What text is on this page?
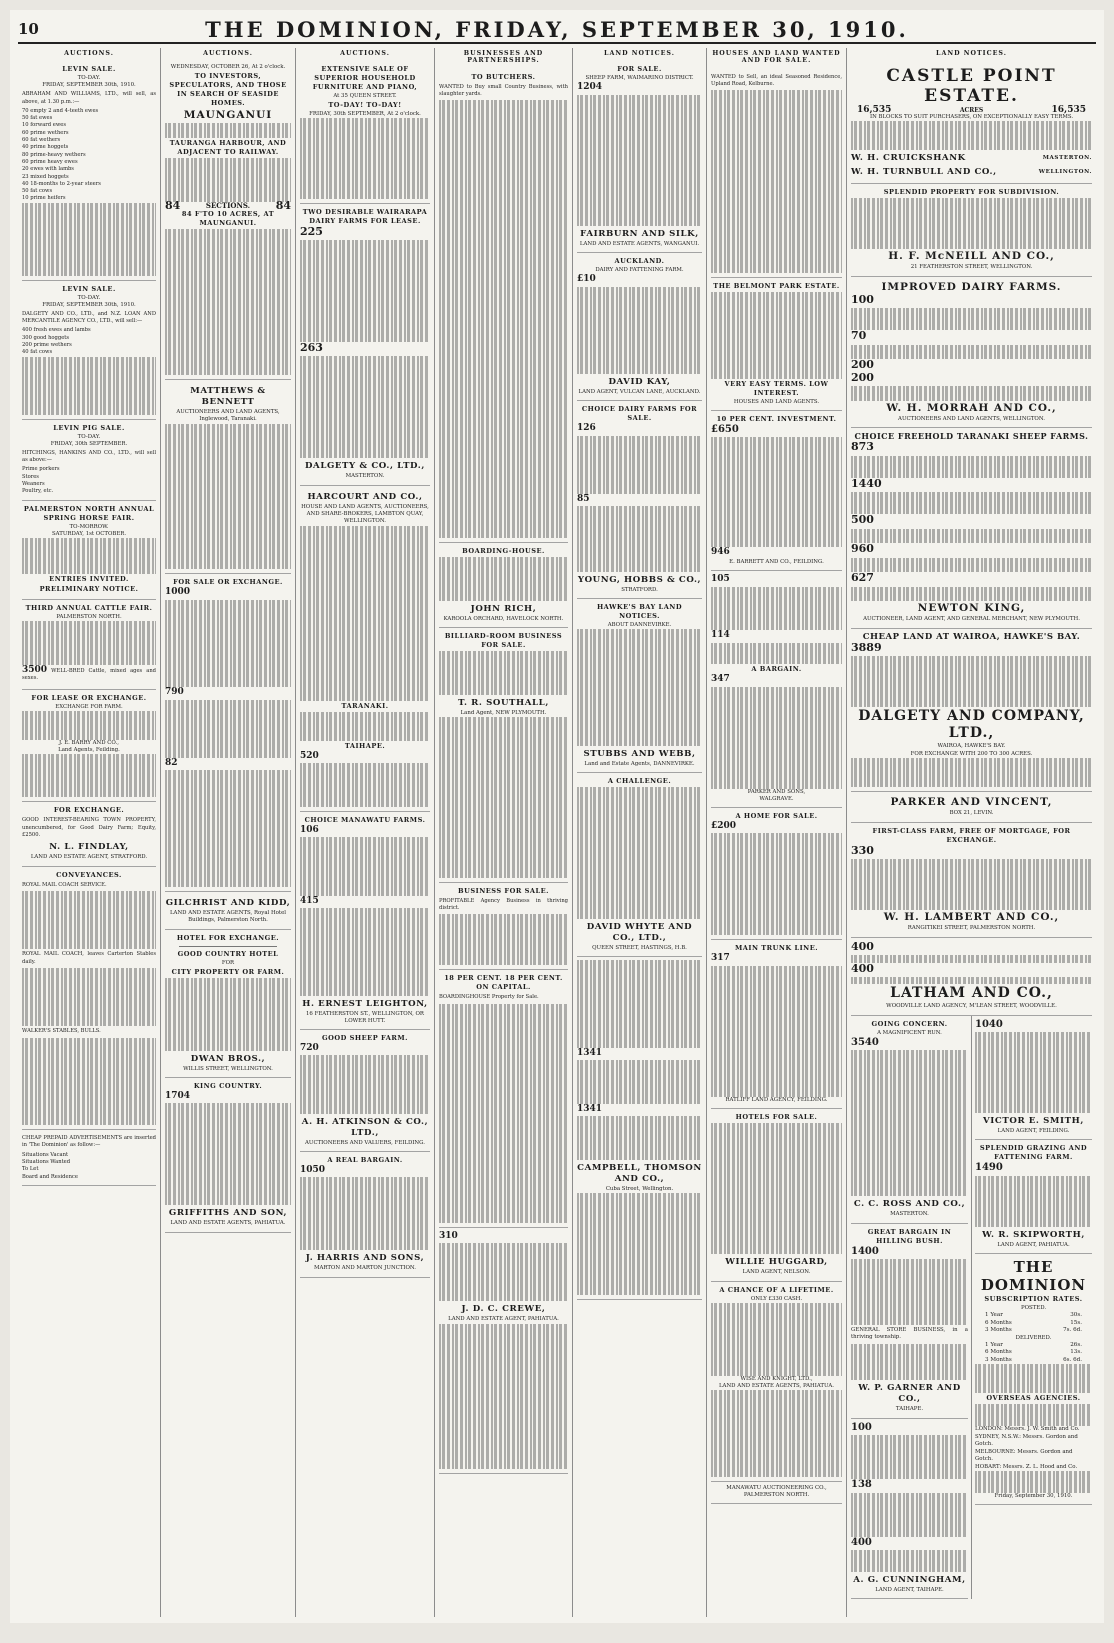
10	THE DOMINION, FRIDAY, SEPTEMBER 30, 1910.
AUCTIONS.
LEVIN SALE.
TO-DAY.
FRIDAY, SEPTEMBER 30th, 1910.

ABRAHAM AND WILLIAMS, LTD., will sell, as above, at 1.30 p.m.:—

70 empty 2 and 4-teeth ewes
50 fat ewes
10 forward ewes
60 prime wethers
60 fat wethers
40 prime hoggets
80 prime-heavy wethers
60 prime heavy ewes
20 ewes with lambs
23 mixed hoggets
40 18-months to 2-year steers
50 fat cows
10 prime heifers
LEVIN SALE.
TO-DAY.
FRIDAY, SEPTEMBER 30th, 1910.

DALGETY AND CO., LTD., and N.Z. LOAN AND MERCANTILE AGENCY CO., LTD., will sell:—

400 fresh ewes and lambs
300 good hoggets
200 prime wethers
40 fat cows
LEVIN PIG SALE.
TO-DAY.
FRIDAY, 30th SEPTEMBER.

HITCHINGS, HANKINS AND CO., LTD., will sell as above:—

Prime porkers
Stores
Weaners
Poultry, etc.
PALMERSTON NORTH ANNUAL SPRING HORSE FAIR.
TO-MORROW.
SATURDAY, 1st OCTOBER.
ENTRIES INVITED.
PRELIMINARY NOTICE.
THIRD ANNUAL CATTLE FAIR.
PALMERSTON NORTH.

3500 WELL-BRED Cattle, mixed ages and sexes.

FOR LEASE OR EXCHANGE.
EXCHANGE FOR FARM.
J. E. BARRY AND CO.,
Land Agents, Feilding.
FOR EXCHANGE.

GOOD INTEREST-BEARING TOWN PROPERTY, unencumbered, for Good Dairy Farm; Equity, £2500.

N. L. FINDLAY,
LAND AND ESTATE AGENT, STRATFORD.
CONVEYANCES.

ROYAL MAIL COACH SERVICE.

ROYAL MAIL COACH, leaves Carterton Stables daily.

WALKER'S STABLES, BULLS.

CHEAP PREPAID ADVERTISEMENTS are inserted in 'The Dominion' as follow:—

Situations Vacant
Situations Wanted
To Let
Board and Residence
AUCTIONS.
WEDNESDAY, OCTOBER 26, At 2 o'clock.
TO INVESTORS, SPECULATORS, AND THOSE IN SEARCH OF SEASIDE HOMES.
MAUNGANUI
TAURANGA HARBOUR, AND ADJACENT TO RAILWAY.
84	SECTIONS. 84
84 F'TO 10 ACRES, AT MAUNGANUI.
MATTHEWS & BENNETT
AUCTIONEERS AND LAND AGENTS, Inglewood, Taranaki.
FOR SALE OR EXCHANGE.

1000

790

82

GILCHRIST AND KIDD,
LAND AND ESTATE AGENTS, Royal Hotel Buildings, Palmerston North.
HOTEL FOR EXCHANGE.
GOOD COUNTRY HOTEL
FOR
CITY PROPERTY OR FARM.
DWAN BROS.,
WILLIS STREET, WELLINGTON.
KING COUNTRY.

1704

GRIFFITHS AND SON,
LAND AND ESTATE AGENTS, PAHIATUA.
AUCTIONS.
EXTENSIVE SALE OF SUPERIOR HOUSEHOLD FURNITURE AND PIANO,
At 35 QUEEN STREET.
TO-DAY! TO-DAY!
FRIDAY, 30th SEPTEMBER, At 2 o'clock.
TWO DESIRABLE WAIRARAPA DAIRY FARMS FOR LEASE.

225

263

DALGETY & CO., LTD.,
MASTERTON.
HARCOURT AND CO.,
HOUSE AND LAND AGENTS, AUCTIONEERS, AND SHARE-BROKERS, LAMBTON QUAY, WELLINGTON.
TARANAKI.
TAIHAPE.

520

CHOICE MANAWATU FARMS.

106

415

H. ERNEST LEIGHTON,
16 FEATHERSTON ST., WELLINGTON, OR LOWER HUTT.
GOOD SHEEP FARM.

720

A. H. ATKINSON & CO., LTD.,
AUCTIONEERS AND VALUERS, FEILDING.
A REAL BARGAIN.

1050

J. HARRIS AND SONS,
MARTON AND MARTON JUNCTION.
BUSINESSES AND PARTNERSHIPS.
TO BUTCHERS.

WANTED to Buy small Country Business, with slaughter yards.

BOARDING-HOUSE.
JOHN RICH,
KAROOLA ORCHARD, HAVELOCK NORTH.
BILLIARD-ROOM BUSINESS FOR SALE.
T. R. SOUTHALL,
Land Agent, NEW PLYMOUTH.
BUSINESS FOR SALE.

PROFITABLE Agency Business in thriving district.

18 PER CENT. 18 PER CENT. ON CAPITAL.

BOARDINGHOUSE Property for Sale.

310

J. D. C. CREWE,
LAND AND ESTATE AGENT, PAHIATUA.
LAND NOTICES.
FOR SALE.
SHEEP FARM, WAIMARINO DISTRICT.

1204

FAIRBURN AND SILK,
LAND AND ESTATE AGENTS, WANGANUI.
AUCKLAND.
DAIRY AND FATTENING FARM.

£10

DAVID KAY,
LAND AGENT, VULCAN LANE, AUCKLAND.
CHOICE DAIRY FARMS FOR SALE.

126

85

YOUNG, HOBBS & CO.,
STRATFORD.
HAWKE'S BAY LAND NOTICES.
ABOUT DANNEVIRKE.
STUBBS AND WEBB,
Land and Estate Agents, DANNEVIRKE.
A CHALLENGE.
DAVID WHYTE AND CO., LTD.,
QUEEN STREET, HASTINGS, H.B.

1341

1341

CAMPBELL, THOMSON AND CO.,
Cuba Street, Wellington.
HOUSES AND LAND WANTED AND FOR SALE.

WANTED to Sell, an ideal Seasoned Residence, Upland Road, Kelburne.

THE BELMONT PARK ESTATE.
VERY EASY TERMS. LOW INTEREST.
HOUSES AND LAND AGENTS.
10 PER CENT. INVESTMENT.

£650

946

E. BARRETT AND CO., FEILDING.

105

114

A BARGAIN.

347

PARKER AND SONS,
WALGRAVE.
A HOME FOR SALE.

£200

MAIN TRUNK LINE.

317

RATLIFF LAND AGENCY, FEILDING.
HOTELS FOR SALE.
WILLIE HUGGARD,
LAND AGENT, NELSON.
A CHANCE OF A LIFETIME.
ONLY £330 CASH.
WISE AND KNIGHT, LTD.,
LAND AND ESTATE AGENTS, PAHIATUA.
MANAWATU AUCTIONEERING CO.,
PALMERSTON NORTH.
LAND NOTICES.
CASTLE POINT ESTATE.
16,535	ACRES	16,535
IN BLOCKS TO SUIT PURCHASERS, ON EXCEPTIONALLY EASY TERMS.
W. H. CRUICKSHANK	MASTERTON.
W. H. TURNBULL AND CO.,	WELLINGTON.
SPLENDID PROPERTY FOR SUBDIVISION.
H. F. McNEILL AND CO.,
21 FEATHERSTON STREET, WELLINGTON.
IMPROVED DAIRY FARMS.

100

70

200

200

W. H. MORRAH AND CO.,
AUCTIONEERS AND LAND AGENTS, WELLINGTON.
CHOICE FREEHOLD TARANAKI SHEEP FARMS.

873

1440

500

960

627

NEWTON KING,
AUCTIONEER, LAND AGENT, AND GENERAL MERCHANT, NEW PLYMOUTH.
CHEAP LAND AT WAIROA, HAWKE'S BAY.

3889

DALGETY AND COMPANY, LTD.,
WAIROA, HAWKE'S BAY.
FOR EXCHANGE WITH 200 TO 300 ACRES.
PARKER AND VINCENT,
BOX 21, LEVIN.
FIRST-CLASS FARM, FREE OF MORTGAGE, FOR EXCHANGE.

330

W. H. LAMBERT AND CO.,
RANGITIKEI STREET, PALMERSTON NORTH.

400

400

LATHAM AND CO.,
WOODVILLE LAND AGENCY, M'LEAN STREET, WOODVILLE.
GOING CONCERN.
A MAGNIFICENT RUN.

3540

C. C. ROSS AND CO.,
MASTERTON.
GREAT BARGAIN IN HILLING BUSH.

1400

GENERAL STORE BUSINESS, in a thriving township.

W. P. GARNER AND CO.,
TAIHAPE.

100

138

400

A. G. CUNNINGHAM,
LAND AGENT, TAIHAPE.

1040

VICTOR E. SMITH,
LAND AGENT, FEILDING.
SPLENDID GRAZING AND FATTENING FARM.

1490

W. R. SKIPWORTH,
LAND AGENT, PAHIATUA.
THE DOMINION
SUBSCRIPTION RATES.
POSTED.
1 Year	30s.
6 Months	15s.
3 Months	7s. 6d.
DELIVERED.
1 Year	26s.
6 Months	13s.
3 Months	6s. 6d.
OVERSEAS AGENCIES.
LONDON: Messrs. J. W. Smith and Co.
SYDNEY, N.S.W.: Messrs. Gordon and Gotch.
MELBOURNE: Messrs. Gordon and Gotch.
HOBART: Messrs. Z. L. Hood and Co.
Friday, September 30, 1910.
